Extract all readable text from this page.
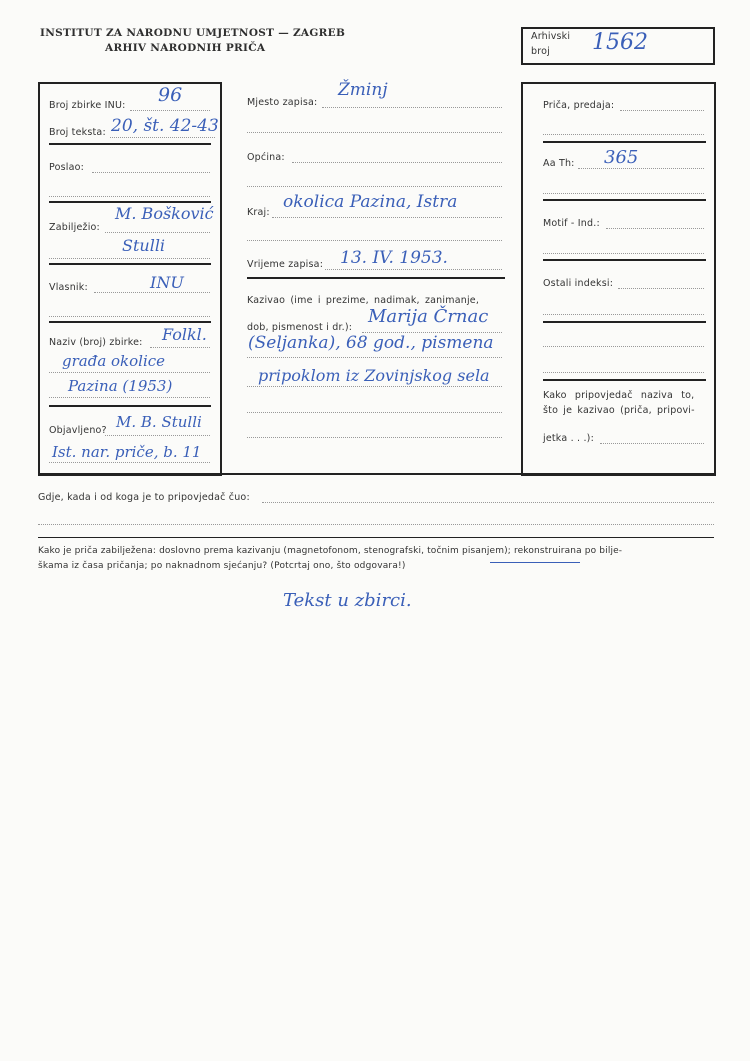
INSTITUT ZA NARODNU UMJETNOST — ZAGREB
ARHIV NARODNIH PRIČA
Arhivski
broj 1562
Broj zbirke INU: 96
Broj teksta: 20, št. 42-43
Poslao:
Zabilježio:
M. Bošković
Stulli
Vlasnik:	INU
Naziv (broj) zbirke: Folkl.
građa okolice
Pazina (1953)
Objavljeno? M. B. Stulli
Ist. nar. priče, b. 11
Mjesto zapisa:
Žminj
Općina:
Kraj:
okolica Pazina, Istra
Vrijeme zapisa: 13. IV. 1953.
Kazivao (ime i prezime, nadimak, zanimanje,
dob, pismenost i dr.):
Marija Črnac
(Seljanka), 68 god., pismena
pripoklom iz Zovinjskog sela
Priča, predaja:
Aa Th: 365
Motif - Ind.:
Ostali indeksi:
Kako pripovjedač naziva to,
što je kazivao (priča, pripovi-
jetka . . .):
Gdje, kada i od koga je to pripovjedač čuo:
Kako je priča zabilježena: doslovno prema kazivanju (magnetofonom, stenografski, točnim pisanjem); rekonstruirana po bilje-
škama iz časa pričanja; po naknadnom sjećanju? (Potcrtaj ono, što odgovara!)
Tekst u zbirci.
